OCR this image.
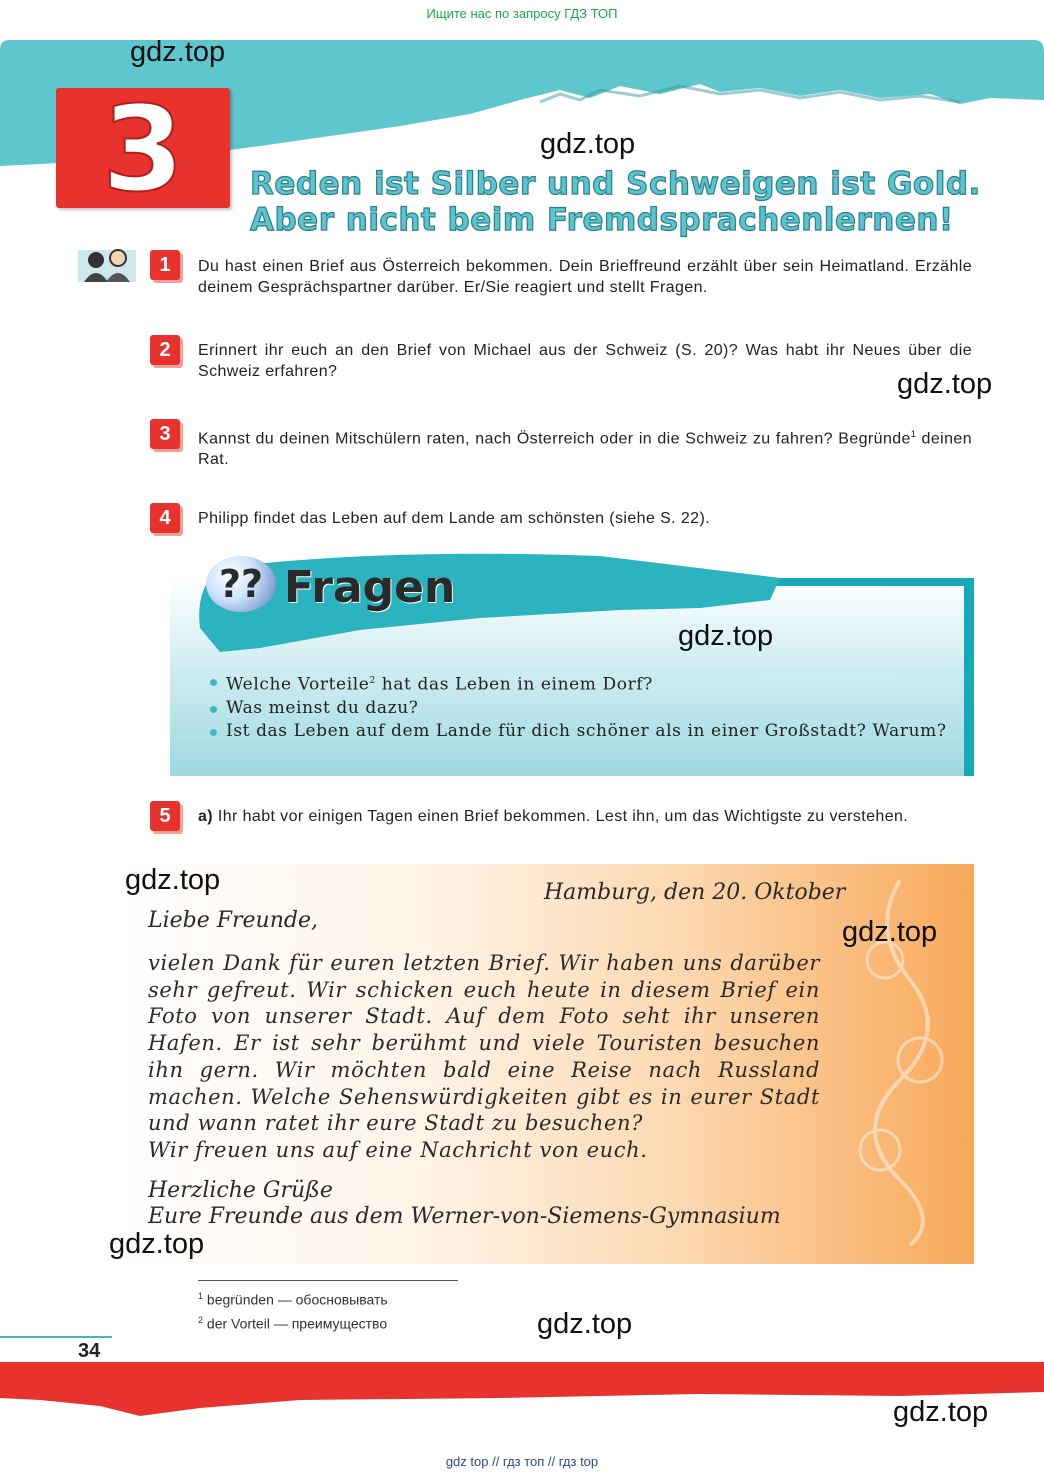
Ищите нас по запросу ГДЗ ТОП
3	Reden ist Silber und Schweigen ist Gold.
Aber nicht beim Fremdsprachenlernen!
1	Du hast einen Brief aus Österreich bekommen. Dein Brieffreund erzählt über sein Heimatland. Erzähle deinem Gesprächspartner darüber. Er/Sie reagiert und stellt Fragen.
2	Erinnert ihr euch an den Brief von Michael aus der Schweiz (S. 20)? Was habt ihr Neues über die Schweiz erfahren?
3	Kannst du deinen Mitschülern raten, nach Österreich oder in die Schweiz zu fahren? Begründe$^1$ deinen Rat.
4	Philipp findet das Leben auf dem Lande am schönsten (siehe S. 22).
?? Fragen
Welche Vorteile$^2$ hat das Leben in einem Dorf?
Was meinst du dazu?
Ist das Leben auf dem Lande für dich schöner als in einer Großstadt? Warum?
5	a) Ihr habt vor einigen Tagen einen Brief bekommen. Lest ihn, um das Wichtigste zu verstehen.
Hamburg, den 20. Oktober
Liebe Freunde,
vielen Dank für euren letzten Brief. Wir haben uns darüber sehr gefreut. Wir schicken euch heute in diesem Brief ein Foto von unserer Stadt. Auf dem Foto seht ihr unseren Hafen. Er ist sehr berühmt und viele Touristen besuchen ihn gern. Wir möchten bald eine Reise nach Russland machen. Welche Sehenswürdigkeiten gibt es in eurer Stadt und wann ratet ihr eure Stadt zu besuchen?
Wir freuen uns auf eine Nachricht von euch.
Herzliche Grüße
Eure Freunde aus dem Werner-von-Siemens-Gymnasium
$^1$ begründen — обосновывать
$^2$ der Vorteil — преимущество
34
gdz.top
gdz.top
gdz.top
gdz.top
gdz.top
gdz.top
gdz.top
gdz.top
gdz.top
gdz top // гдз топ // гдз top
